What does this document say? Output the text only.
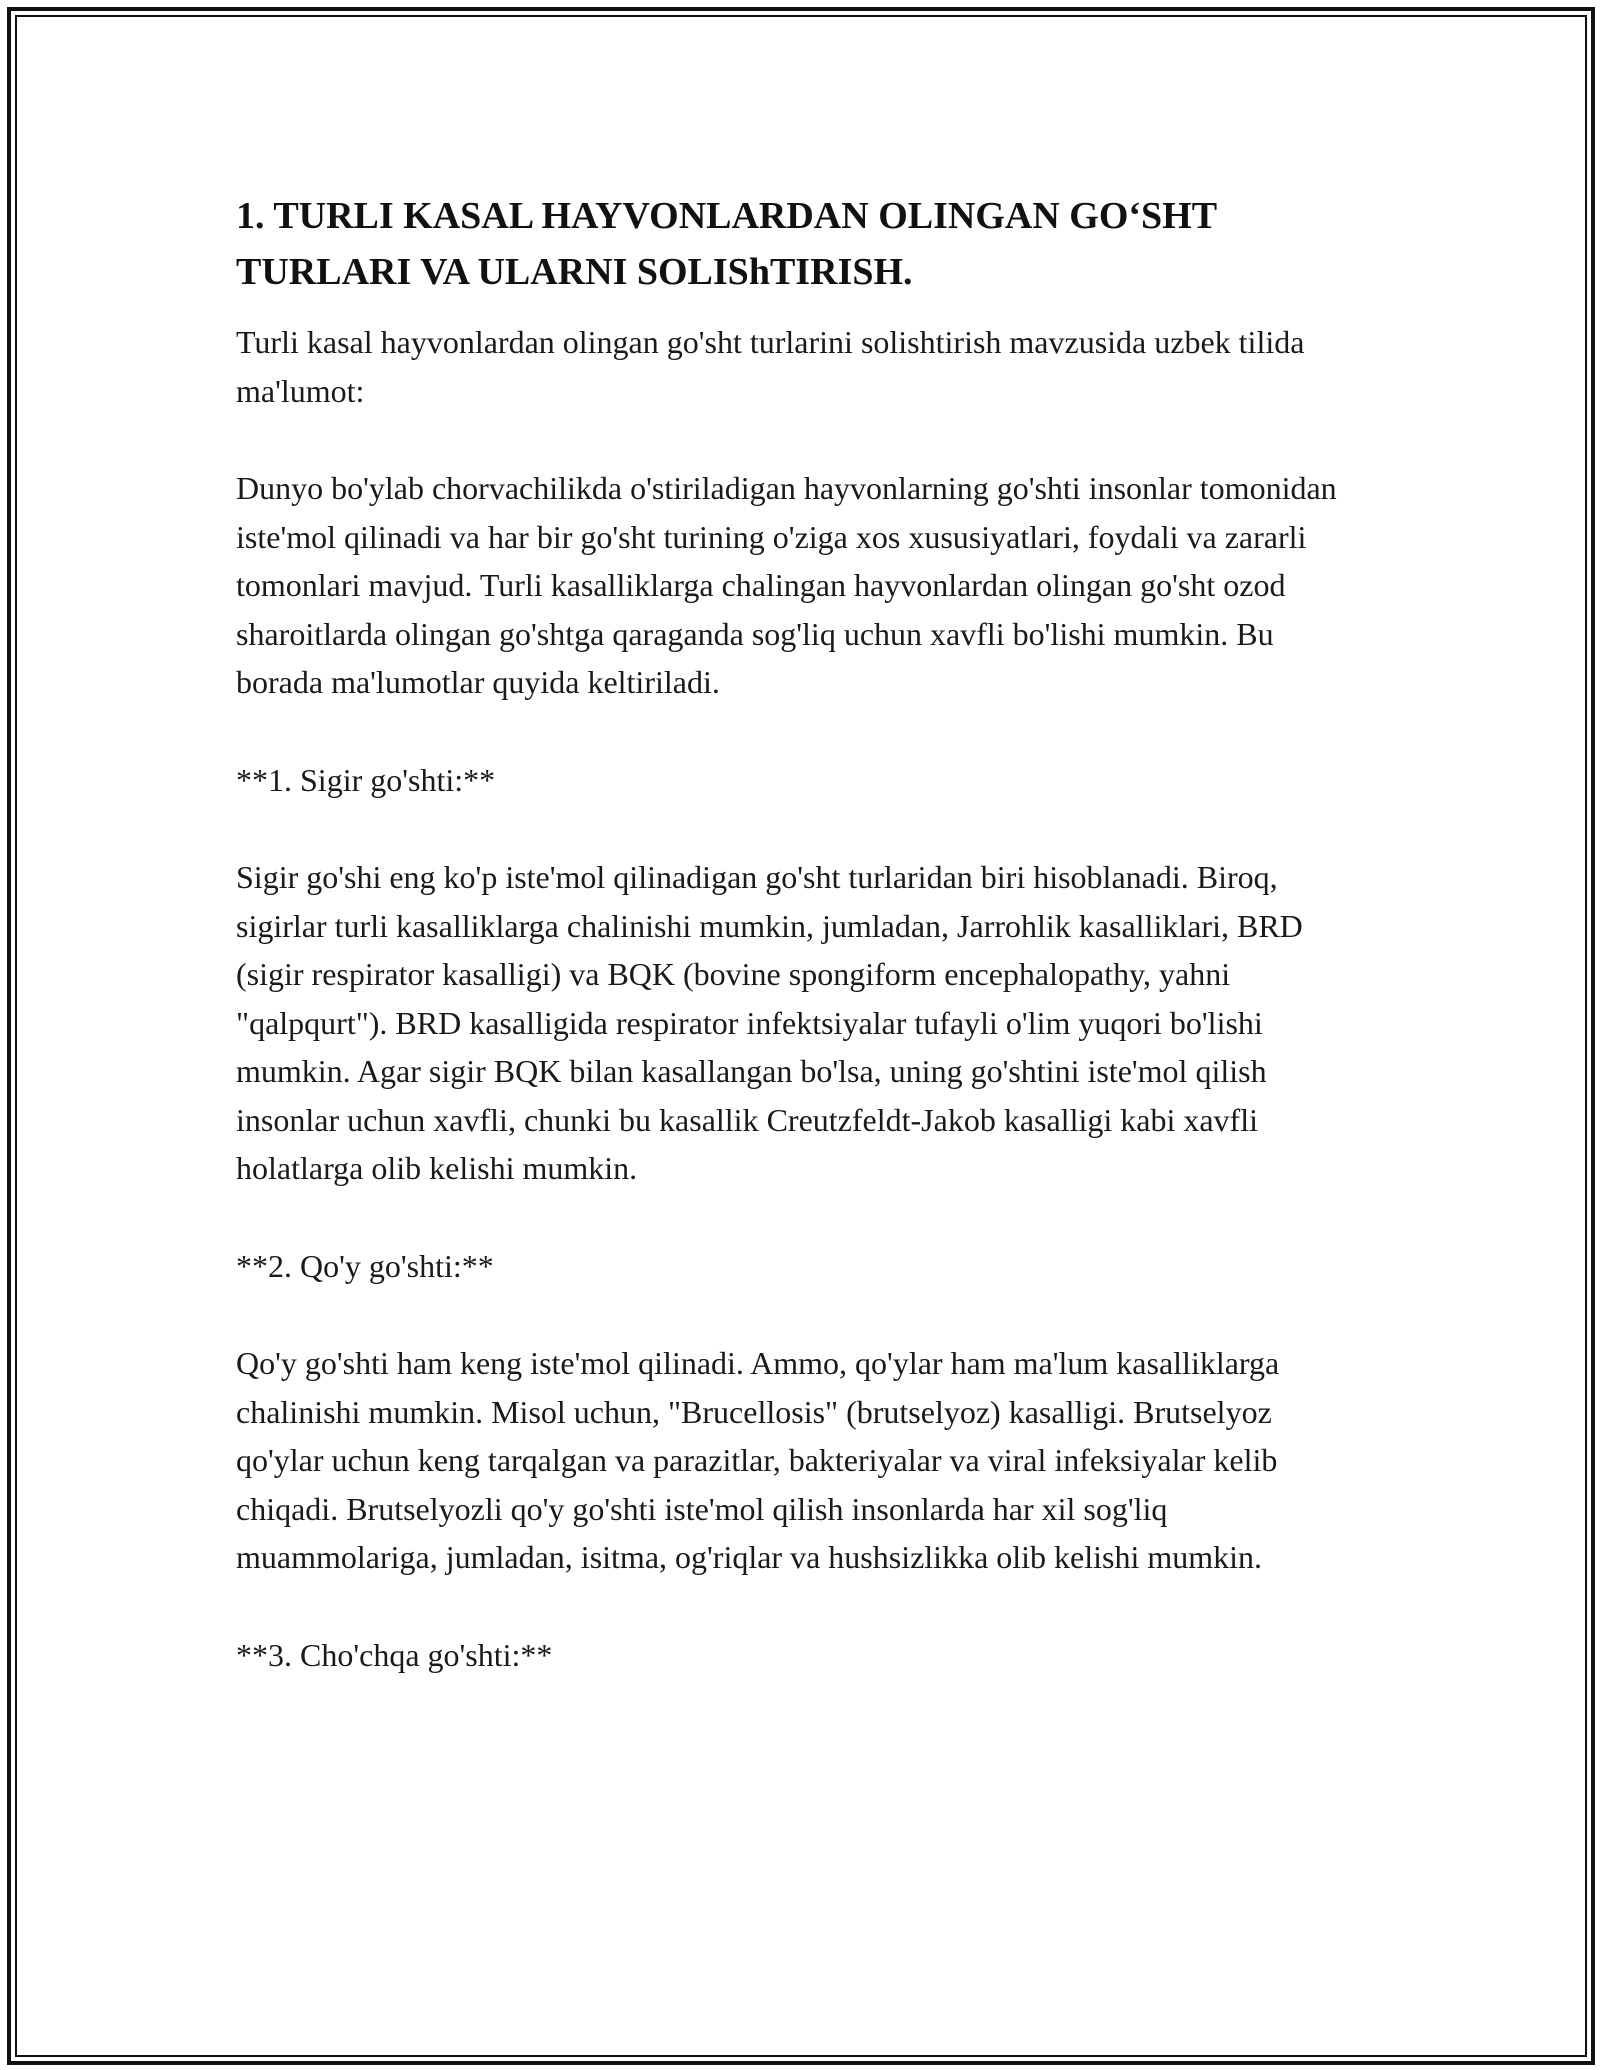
1. TURLI KASAL HAYVONLARDAN OLINGAN GO‘SHT
TURLARI VA ULARNI SOLIShTIRISH.

Turli kasal hayvonlardan olingan go'sht turlarini solishtirish mavzusida uzbek tilida ma'lumot:

Dunyo bo'ylab chorvachilikda o'stiriladigan hayvonlarning go'shti insonlar tomonidan iste'mol qilinadi va har bir go'sht turining o'ziga xos xususiyatlari, foydali va zararli tomonlari mavjud. Turli kasalliklarga chalingan hayvonlardan olingan go'sht ozod sharoitlarda olingan go'shtga qaraganda sog'liq uchun xavfli bo'lishi mumkin. Bu borada ma'lumotlar quyida keltiriladi.

**1. Sigir go'shti:**

Sigir go'shi eng ko'p iste'mol qilinadigan go'sht turlaridan biri hisoblanadi. Biroq, sigirlar turli kasalliklarga chalinishi mumkin, jumladan, Jarrohlik kasalliklari, BRD (sigir respirator kasalligi) va BQK (bovine spongiform encephalopathy, yahni "qalpqurt"). BRD kasalligida respirator infektsiyalar tufayli o'lim yuqori bo'lishi mumkin. Agar sigir BQK bilan kasallangan bo'lsa, uning go'shtini iste'mol qilish insonlar uchun xavfli, chunki bu kasallik Creutzfeldt-Jakob kasalligi kabi xavfli holatlarga olib kelishi mumkin.

**2. Qo'y go'shti:**

Qo'y go'shti ham keng iste'mol qilinadi. Ammo, qo'ylar ham ma'lum kasalliklarga chalinishi mumkin. Misol uchun, "Brucellosis" (brutselyoz) kasalligi. Brutselyoz qo'ylar uchun keng tarqalgan va parazitlar, bakteriyalar va viral infeksiyalar kelib chiqadi. Brutselyozli qo'y go'shti iste'mol qilish insonlarda har xil sog'liq muammolariga, jumladan, isitma, og'riqlar va hushsizlikka olib kelishi mumkin.

**3. Cho'chqa go'shti:**
